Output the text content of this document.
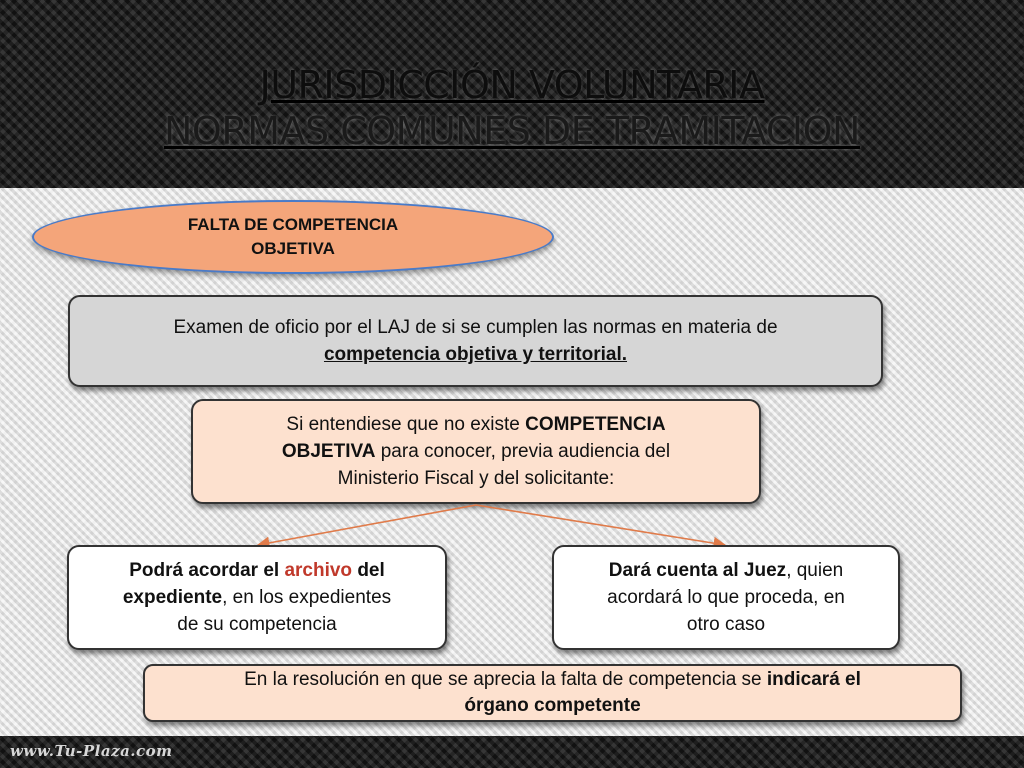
JURISDICCIÓN VOLUNTARIA
NORMAS COMUNES DE TRAMITACIÓN
www.Tu-Plaza.com
FALTA DE COMPETENCIA
OBJETIVA
Examen de oficio por el LAJ de si se cumplen las normas en materia de
competencia objetiva y territorial.
Si entendiese que no existe COMPETENCIA
OBJETIVA para conocer, previa audiencia del
Ministerio Fiscal y del solicitante:
Podrá acordar el archivo del
expediente, en los expedientes
de su competencia
Dará cuenta al Juez, quien
acordará lo que proceda, en
otro caso
En la resolución en que se aprecia la falta de competencia se indicará el
órgano competente
